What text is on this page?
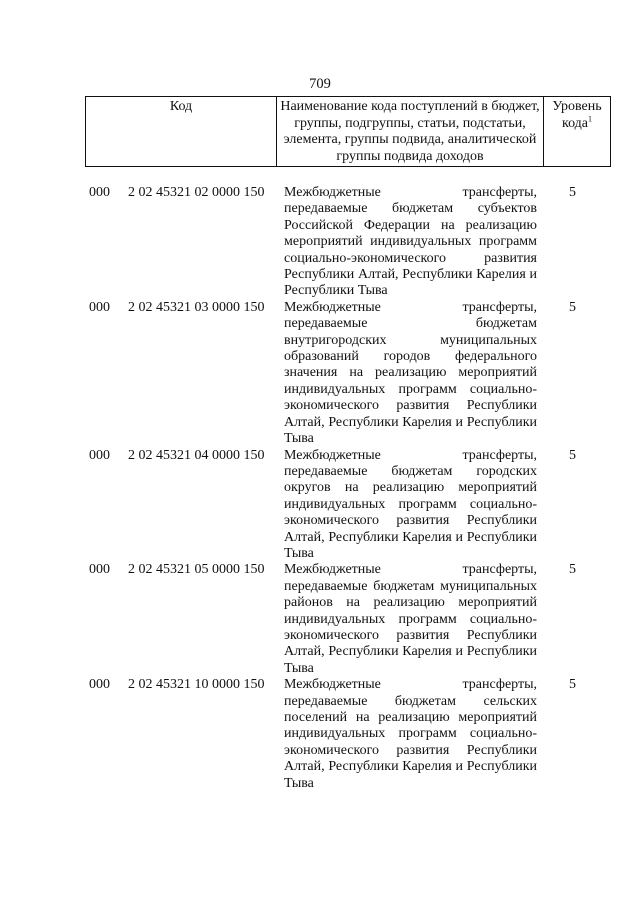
709
Код	Наименование кода поступлений в бюджет, группы, подгруппы, статьи, подстатьи, элемента, группы подвида, аналитической группы подвида доходов	Уровень кода$^1$
000 2 02 45321 02 0000 150 Межбюджетные трансферты, передаваемые бюджетам субъектов Российской Федерации на реализацию мероприятий индивидуальных программ социально-экономического развития Республики Алтай, Республики Карелия и Республики Тыва
5
000 2 02 45321 03 0000 150 Межбюджетные трансферты, передаваемые бюджетам внутригородских муниципальных образований городов федерального значения на реализацию мероприятий индивидуальных программ социально-экономического развития Республики Алтай, Республики Карелия и Республики Тыва
5
000 2 02 45321 04 0000 150 Межбюджетные трансферты, передаваемые бюджетам городских округов на реализацию мероприятий индивидуальных программ социально-экономического развития Республики Алтай, Республики Карелия и Республики Тыва
5
000 2 02 45321 05 0000 150 Межбюджетные трансферты, передаваемые бюджетам муниципальных районов на реализацию мероприятий индивидуальных программ социально-экономического развития Республики Алтай, Республики Карелия и Республики Тыва
5
000 2 02 45321 10 0000 150 Межбюджетные трансферты, передаваемые бюджетам сельских поселений на реализацию мероприятий индивидуальных программ социально-экономического развития Республики Алтай, Республики Карелия и Республики Тыва
5
